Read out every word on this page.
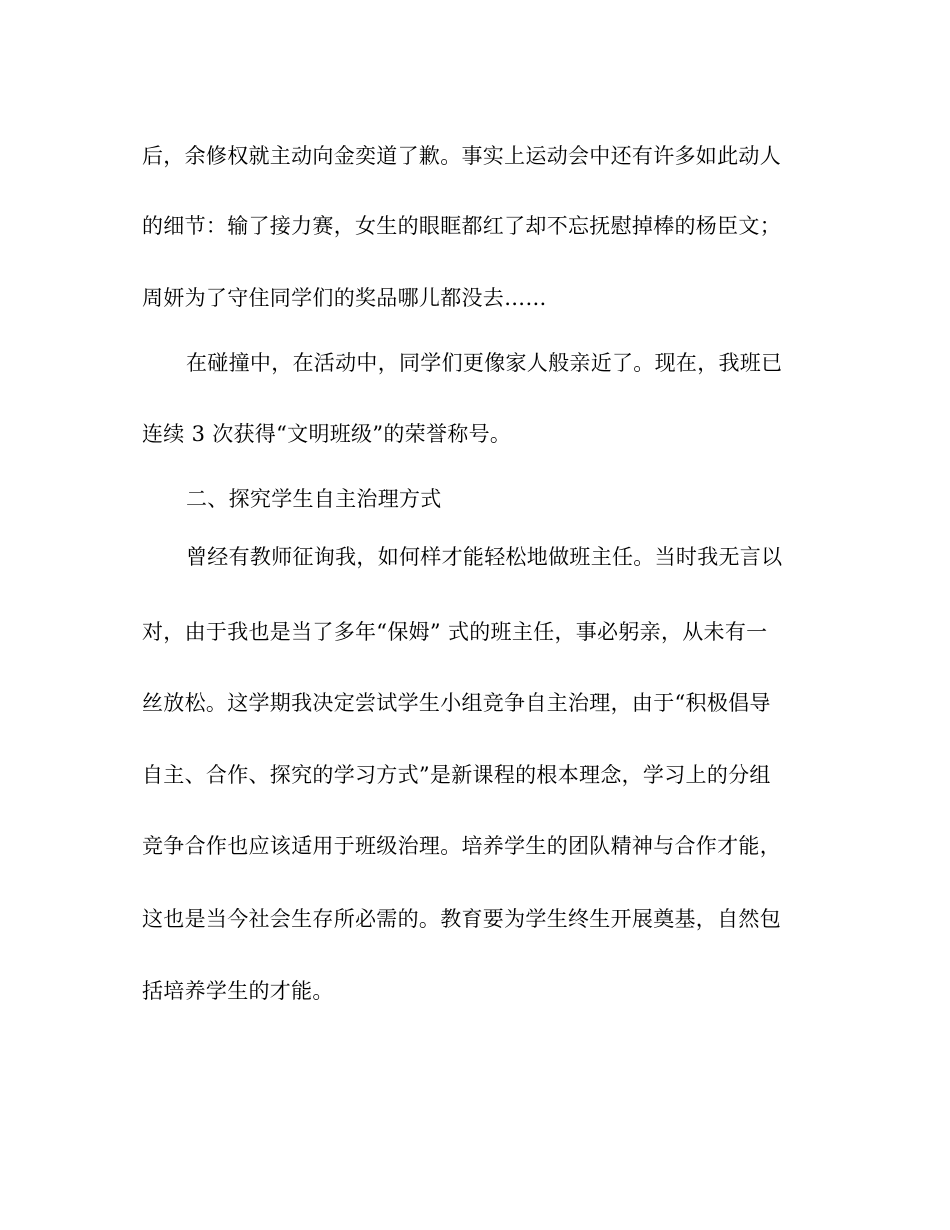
后，余修权就主动向金奕道了歉。事实上运动会中还有许多如此动人
的细节：输了接力赛，女生的眼眶都红了却不忘抚慰掉棒的杨臣文；
周妍为了守住同学们的奖品哪儿都没去……
在碰撞中，在活动中，同学们更像家人般亲近了。现在，我班已
连续 3 次获得“文明班级”的荣誉称号。
二、探究学生自主治理方式
曾经有教师征询我，如何样才能轻松地做班主任。当时我无言以
对，由于我也是当了多年“保姆” 式的班主任，事必躬亲，从未有一
丝放松。这学期我决定尝试学生小组竞争自主治理，由于“积极倡导
自主、合作、探究的学习方式”是新课程的根本理念，学习上的分组
竞争合作也应该适用于班级治理。培养学生的团队精神与合作才能，
这也是当今社会生存所必需的。教育要为学生终生开展奠基，自然包
括培养学生的才能。
